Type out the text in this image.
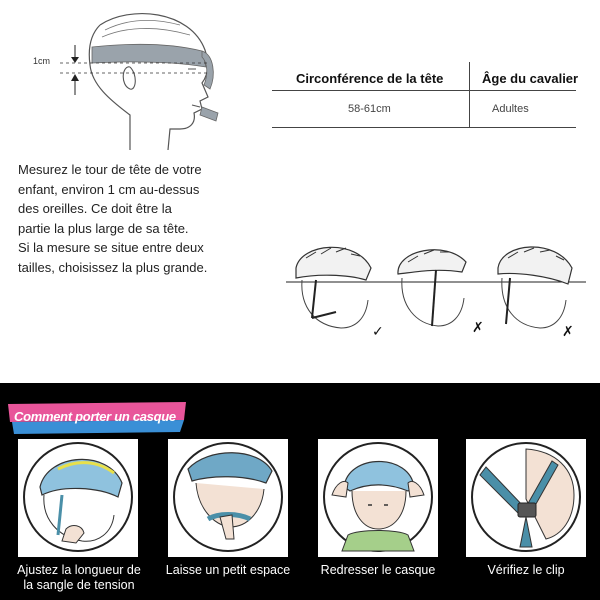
1cm
Circonférence de la tête	Âge du cavalier
58-61cm	Adultes

Mesurez le tour de tête de votre enfant, environ 1 cm au-dessus des oreilles. Ce doit être la partie la plus large de sa tête.

Si la mesure se situe entre deux tailles, choisissez la plus grande.

✓	✗	✗
Comment porter un casque
Ajustez la longueur de
la sangle de tension
Laisse un petit espace	Redresser le casque	Vérifiez le clip
